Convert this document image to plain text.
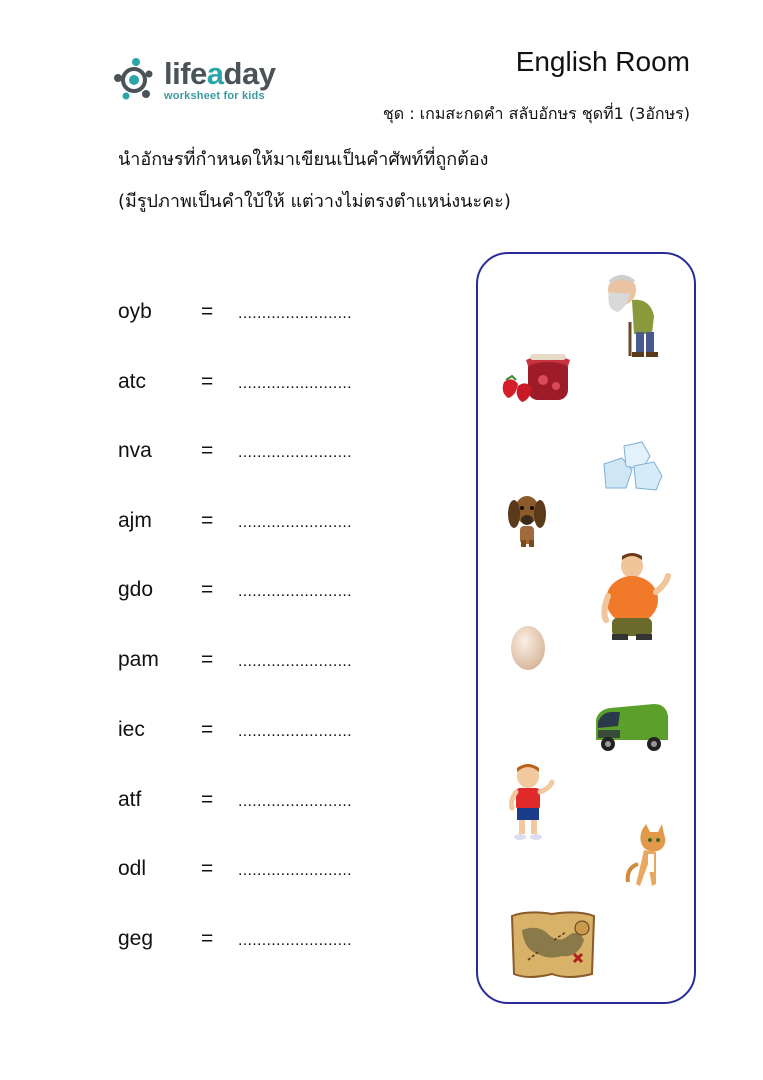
lifeaday
worksheet for kids
English Room
ชุด : เกมสะกดคำ สลับอักษร ชุดที่1 (3อักษร)
นำอักษรที่กำหนดให้มาเขียนเป็นคำศัพท์ที่ถูกต้อง
(มีรูปภาพเป็นคำใบ้ให้ แต่วางไม่ตรงตำแหน่งนะคะ)
oyb = ........................
atc	= ........................
nva = ........................
ajm = ........................
gdo = ........................
pam = ........................
iec	= ........................
atf	= ........................
odl	= ........................
geg = ........................
